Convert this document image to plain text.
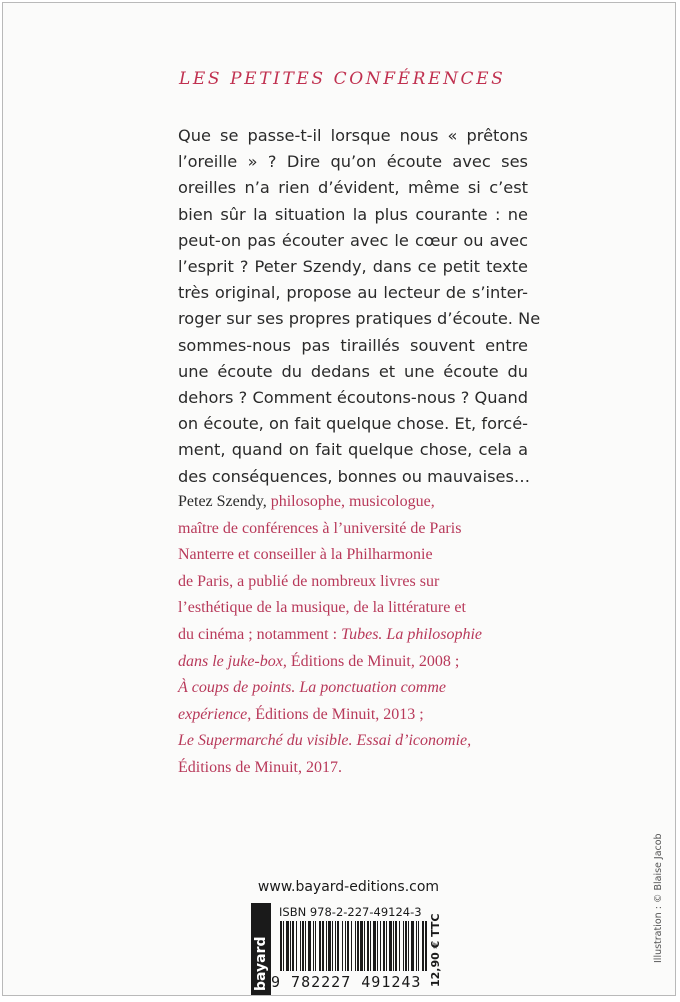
LES PETITES CONFÉRENCES
Que se passe-t-il lorsque nous « prêtons
l’oreille » ? Dire qu’on écoute avec ses
oreilles n’a rien d’évident, même si c’est
bien sûr la situation la plus courante : ne
peut-on pas écouter avec le cœur ou avec
l’esprit ? Peter Szendy, dans ce petit texte
très original, propose au lecteur de s’inter-
roger sur ses propres pratiques d’écoute. Ne
sommes-nous pas tiraillés souvent entre
une écoute du dedans et une écoute du
dehors ? Comment écoutons-nous ? Quand
on écoute, on fait quelque chose. Et, forcé-
ment, quand on fait quelque chose, cela a
des conséquences, bonnes ou mauvaises…
Petez Szendy, philosophe, musicologue,
maître de conférences à l’université de Paris
Nanterre et conseiller à la Philharmonie
de Paris, a publié de nombreux livres sur
l’esthétique de la musique, de la littérature et
du cinéma ; notamment : Tubes. La philosophie
dans le juke-box, Éditions de Minuit, 2008 ;
À coups de points. La ponctuation comme
expérience, Éditions de Minuit, 2013 ;
Le Supermarché du visible. Essai d’iconomie,
Éditions de Minuit, 2017.
Illustration : © Blaise Jacob
www.bayard-editions.com
bayard
ISBN 978-2-227-49124-3
9 782227 491243 12,90 € TTC
